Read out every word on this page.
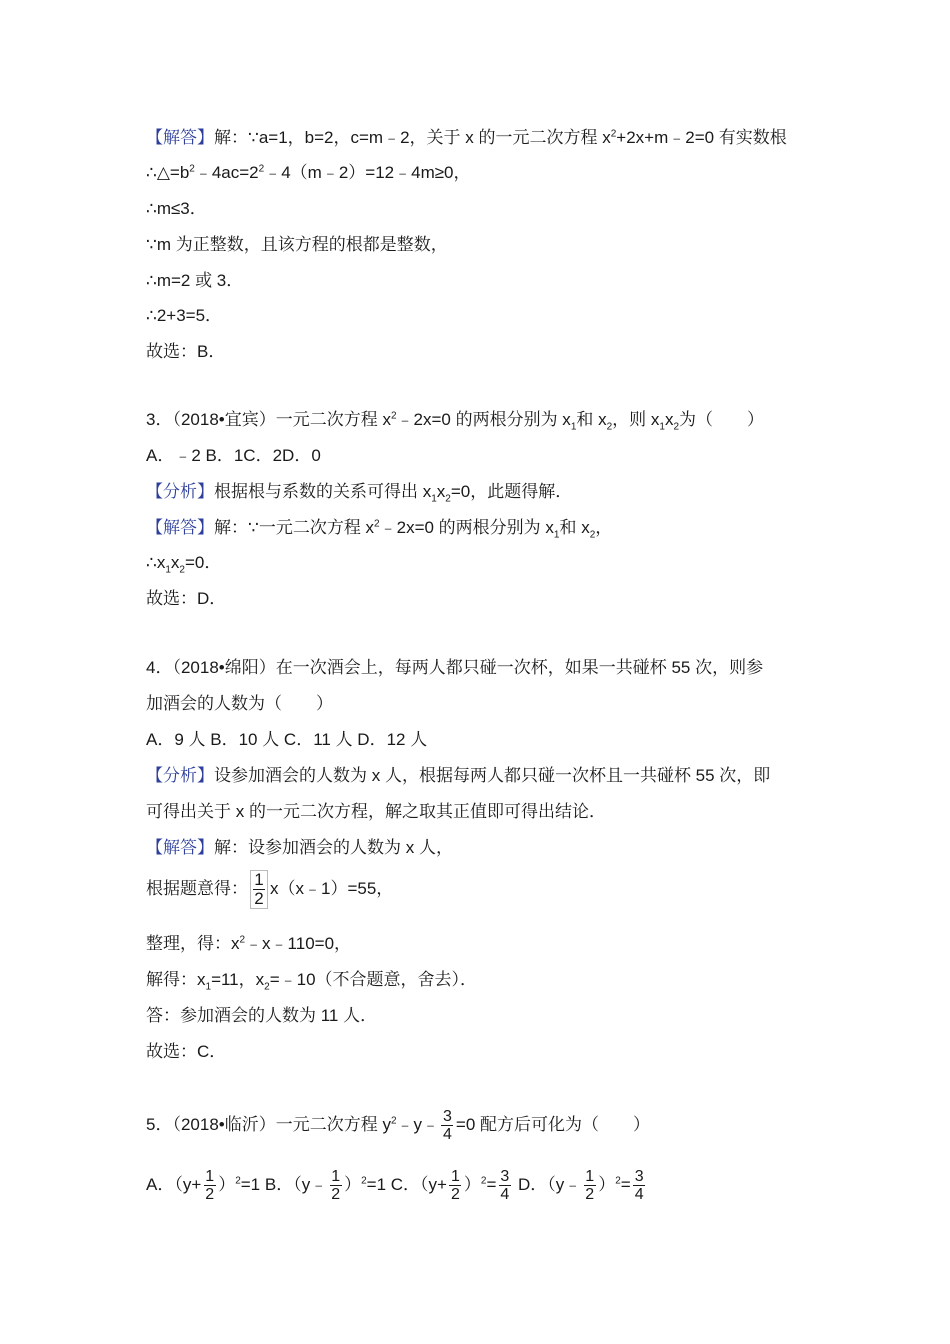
【解答】解：∵a=1，b=2，c=m﹣2，关于 x 的一元二次方程 $x^2+2x+m﹣2=0$ 有实数根
$\therefore\triangle=b^2﹣4ac=2^2﹣4(m﹣2)=12﹣4m\ge 0$，
∴m≤3．
∵m 为正整数，且该方程的根都是整数，
∴m=2 或 3．
∴2+3=5．
故选：B．
3．（2018•宜宾）一元二次方程 $x^2﹣2x=0$ 的两根分别为 $x_1$和 $x_2$，则 $x_1x_2$为（　　）
A．﹣2 B．1C．2D．0
【分析】根据根与系数的关系可得出 $x_1x_2=0$，此题得解．
【解答】解：∵一元二次方程 $x^2﹣2x=0$ 的两根分别为 $x_1$和 $x_2$，
$\therefore x_1x_2=0$．
故选：D．
4．（2018•绵阳）在一次酒会上，每两人都只碰一次杯，如果一共碰杯 55 次，则参
加酒会的人数为（　　）
A．9 人 B．10 人 C．11 人 D．12 人
【分析】设参加酒会的人数为 x 人，根据每两人都只碰一次杯且一共碰杯 55 次，即
可得出关于 x 的一元二次方程，解之取其正值即可得出结论．
【解答】解：设参加酒会的人数为 x 人，
根据题意得： $\frac{1}{2}$ x（x﹣1）=55，
整理，得：$x^2﹣x﹣110=0$，
解得：$x_1=11$，$x_2=﹣10$（不合题意，舍去）．
答：参加酒会的人数为 11 人．
故选：C．
5．（2018•临沂）一元二次方程 $y^2﹣y﹣ \frac{3}{4} =0$ 配方后可化为（　　）
A．$(y+ \frac{1}{2} )^2=1$ B．（y﹣ $\frac{1}{2} )^2=1$ C．$(y+ \frac{1}{2} )^2= \frac{3}{4}$ D．（y﹣ $\frac{1}{2} )^2= \frac{3}{4}$
